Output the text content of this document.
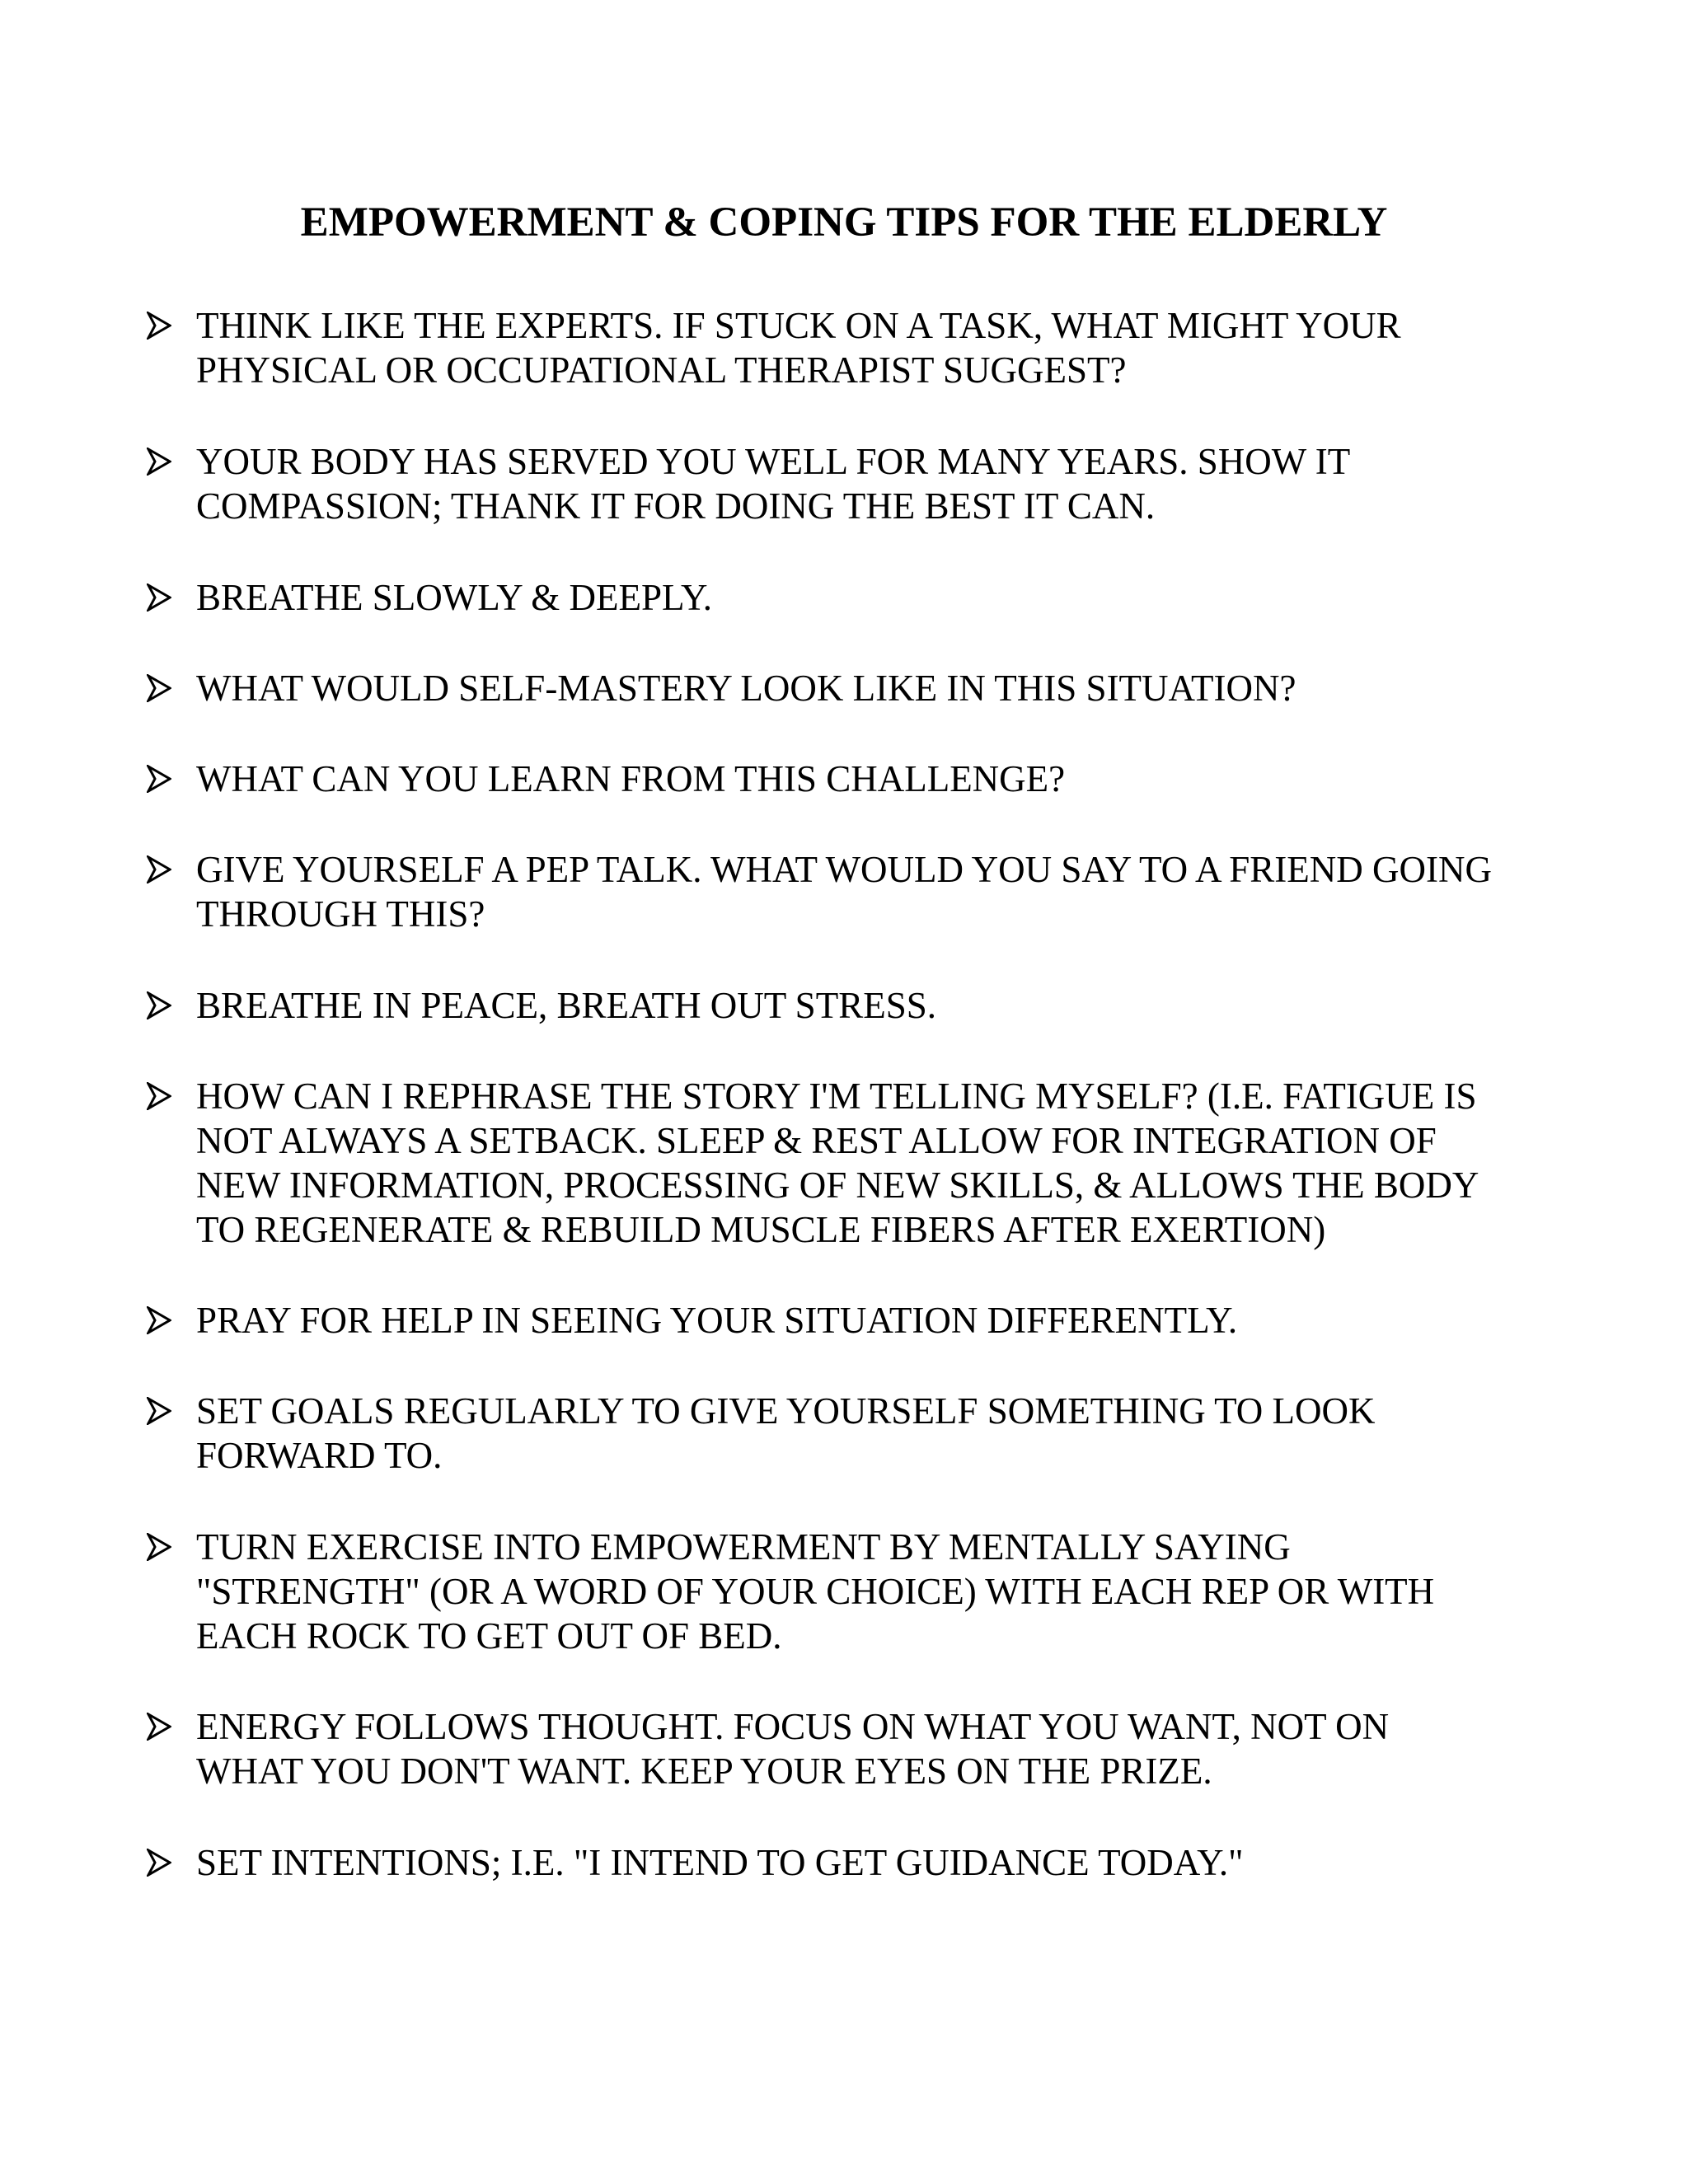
EMPOWERMENT & COPING TIPS FOR THE ELDERLY

THINK LIKE THE EXPERTS. IF STUCK ON A TASK, WHAT MIGHT YOUR
PHYSICAL OR OCCUPATIONAL THERAPIST SUGGEST?

YOUR BODY HAS SERVED YOU WELL FOR MANY YEARS. SHOW IT
COMPASSION; THANK IT FOR DOING THE BEST IT CAN.

BREATHE SLOWLY & DEEPLY.

WHAT WOULD SELF-MASTERY LOOK LIKE IN THIS SITUATION?

WHAT CAN YOU LEARN FROM THIS CHALLENGE?

GIVE YOURSELF A PEP TALK. WHAT WOULD YOU SAY TO A FRIEND GOING
THROUGH THIS?

BREATHE IN PEACE, BREATH OUT STRESS.

HOW CAN I REPHRASE THE STORY I'M TELLING MYSELF? (I.E. FATIGUE IS
NOT ALWAYS A SETBACK. SLEEP & REST ALLOW FOR INTEGRATION OF
NEW INFORMATION, PROCESSING OF NEW SKILLS, & ALLOWS THE BODY
TO REGENERATE & REBUILD MUSCLE FIBERS AFTER EXERTION)

PRAY FOR HELP IN SEEING YOUR SITUATION DIFFERENTLY.

SET GOALS REGULARLY TO GIVE YOURSELF SOMETHING TO LOOK
FORWARD TO.

TURN EXERCISE INTO EMPOWERMENT BY MENTALLY SAYING
"STRENGTH" (OR A WORD OF YOUR CHOICE) WITH EACH REP OR WITH
EACH ROCK TO GET OUT OF BED.

ENERGY FOLLOWS THOUGHT. FOCUS ON WHAT YOU WANT, NOT ON
WHAT YOU DON'T WANT. KEEP YOUR EYES ON THE PRIZE.

SET INTENTIONS; I.E. "I INTEND TO GET GUIDANCE TODAY."
